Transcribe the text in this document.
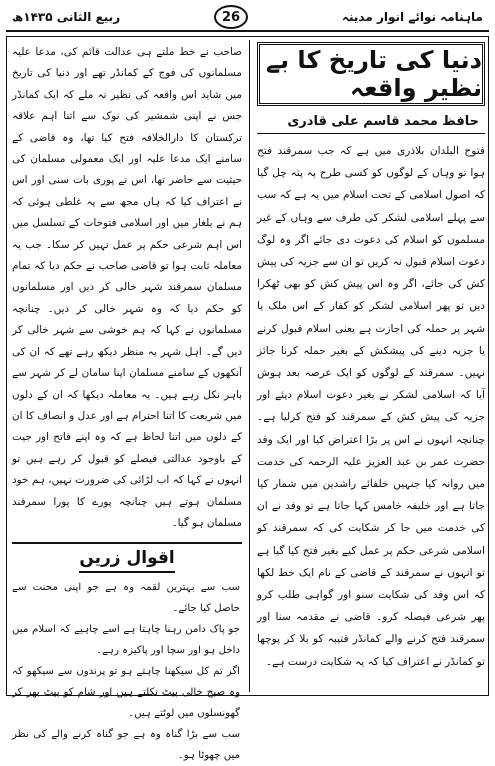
ماہنامہ نوائے انوار مدینہ
26
ربیع الثانی ۱۴۳۵ھ
دنیا کی تاریخ کا بے نظیر واقعہ
حافظ محمد قاسم علی قادری

فتوح البلدان بلاذری میں ہے کہ جب سمرقند فتح ہوا تو وہاں کے لوگوں کو کسی طرح یہ پتہ چل گیا کہ اصول اسلامی کے تحت اسلام میں یہ ہے کہ سب سے پہلے اسلامی لشکر کی طرف سے وہاں کے غیر مسلموں کو اسلام کی دعوت دی جائے اگر وہ لوگ دعوت اسلام قبول نہ کریں تو ان سے جزیہ کی پیش کش کی جائے، اگر وہ اس پیش کش کو بھی ٹھکرا دیں تو پھر اسلامی لشکر کو کفار کے اس ملک یا شہر پر حملہ کی اجازت ہے یعنی اسلام قبول کرنے یا جزیہ دینے کی پیشکش کے بغیر حملہ کرنا جائز نہیں۔ سمرقند کے لوگوں کو ایک عرصہ بعد ہوش آیا کہ اسلامی لشکر نے بغیر دعوت اسلام دیئے اور جزیہ کی پیش کش کے سمرقند کو فتح کرلیا ہے۔ چنانچہ انہوں نے اس پر بڑا اعتراض کیا اور ایک وفد حضرت عمر بن عبد العزیز علیہ الرحمہ کی خدمت میں روانہ کیا جنہیں خلفائے راشدین میں شمار کیا جاتا ہے اور خلیفہ خامس کہا جاتا ہے تو وفد نے ان کی خدمت میں جا کر شکایت کی کہ سمرقند کو اسلامی شرعی حکم پر عمل کیے بغیر فتح کیا گیا ہے تو انہوں نے سمرقند کے قاضی کے نام ایک خط لکھا کہ اس وفد کی شکایت سنو اور گواہی طلب کرو پھر شرعی فیصلہ کرو۔ قاضی نے مقدمہ سنا اور سمرقند فتح کرنے والے کمانڈر قتیبہ کو بلا کر پوچھا تو کمانڈر نے اعتراف کیا کہ یہ شکایت درست ہے۔

صاحب نے خط ملتے ہی عدالت قائم کی، مدعا علیہ مسلمانوں کی فوج کے کمانڈر تھے اور دنیا کی تاریخ میں شاید اس واقعہ کی نظیر نہ ملے کہ ایک کمانڈر جس نے اپنی شمشیر کی نوک سے اتنا اہم علاقہ ترکستان کا دارالخلافہ فتح کیا تھا، وہ قاضی کے سامنے ایک مدعا علیہ اور ایک معمولی مسلمان کی حیثیت سے حاضر تھا، اس نے پوری بات سنی اور اس نے اعتراف کیا کہ ہاں مجھ سے یہ غلطی ہوئی کہ ہم نے یلغار میں اور اسلامی فتوحات کے تسلسل میں اس اہم شرعی حکم پر عمل نہیں کر سکا۔ جب یہ معاملہ ثابت ہوا تو قاضی صاحب نے حکم دیا کہ تمام مسلمان سمرقند شہر خالی کر دیں اور مسلمانوں کو حکم دیا کہ وہ شہر خالی کر دیں۔ چنانچہ مسلمانوں نے کہا کہ ہم خوشی سے شہر خالی کر دیں گے۔ اہل شہر یہ منظر دیکھ رہے تھے کہ ان کی آنکھوں کے سامنے مسلمان اپنا سامان لے کر شہر سے باہر نکل رہے ہیں۔ یہ معاملہ دیکھا کہ ان کے دلوں میں شریعت کا اتنا احترام ہے اور عدل و انصاف کا ان کے دلوں میں اتنا لحاظ ہے کہ وہ اپنے فاتح اور جیت کے باوجود عدالتی فیصلے کو قبول کر رہے ہیں تو انہوں نے کہا کہ اب لڑائی کی ضرورت نہیں، ہم خود مسلمان ہوتے ہیں چنانچہ پورے کا پورا سمرقند مسلمان ہو گیا۔

اقوال زریں

سب سے بہترین لقمہ وہ ہے جو اپنی محنت سے حاصل کیا جائے۔

جو پاک دامن رہنا چاہتا ہے اسے چاہیے کہ اسلام میں داخل ہو اور سچا اور پاکیزہ رہے۔

اگر تم کل سیکھنا چاہتے ہو تو پرندوں سے سیکھو کہ وہ صبح خالی پیٹ نکلتے ہیں اور شام کو پیٹ بھر کر گھونسلوں میں لوٹتے ہیں۔

سب سے بڑا گناہ وہ ہے جو گناہ کرنے والے کی نظر میں چھوٹا ہو۔
